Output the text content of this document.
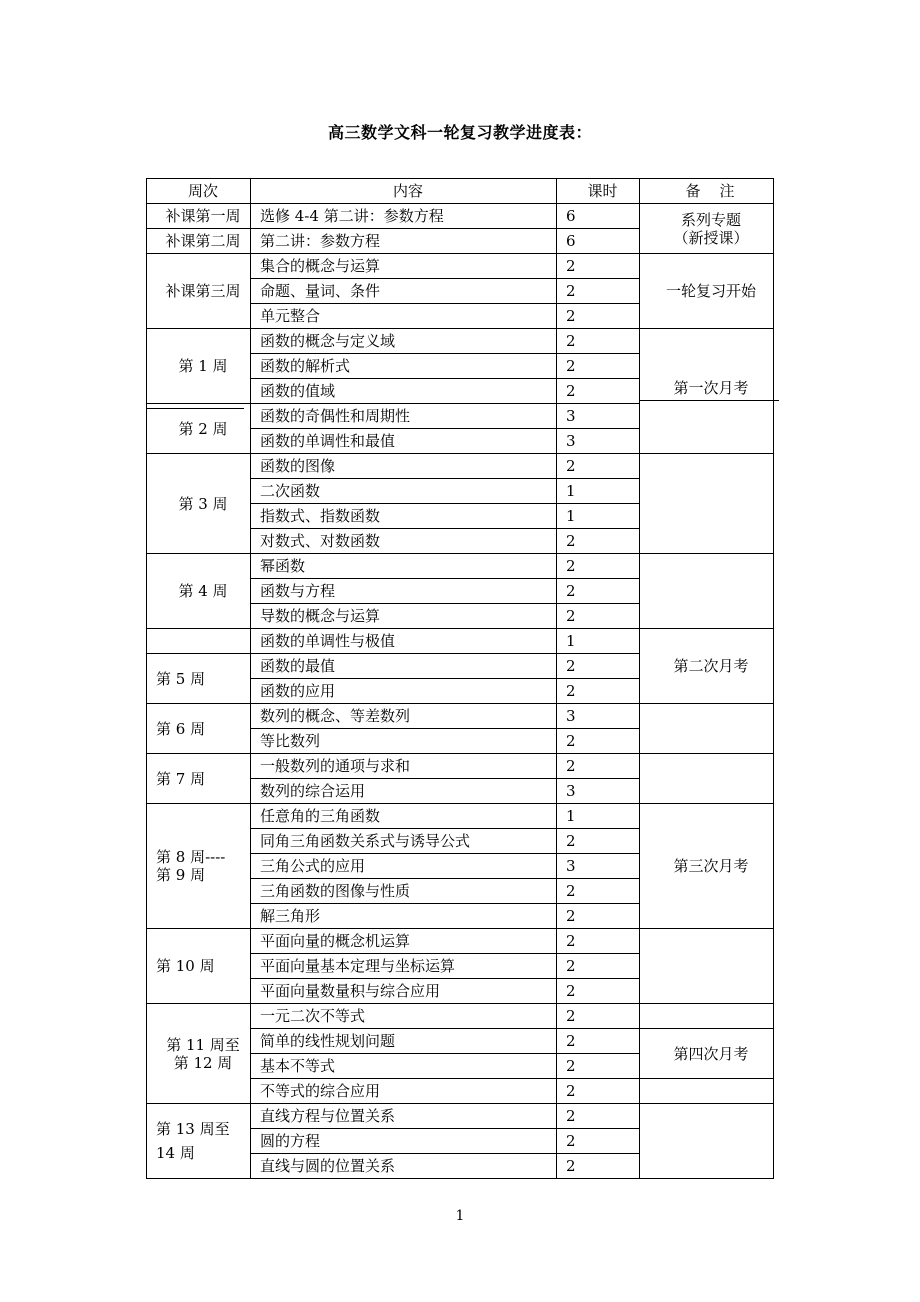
高三数学文科一轮复习教学进度表：
周次	内容	课时	备　注
补课第一周	选修 4-4 第二讲：参数方程	6	系列专题
（新授课）

补课第二周	第二讲：参数方程	6	
补课第三周	集合的概念与运算	2	一轮复习开始
	命题、量词、条件	2	
	单元整合	2	
第 1 周	函数的概念与定义域	2	第一次月考
	函数的解析式	2	
	函数的值域	2	
第 2 周	函数的奇偶性和周期性	3	
	函数的单调性和最值	3	
第 3 周	函数的图像	2	
	二次函数	1	
	指数式、指数函数	1	
	对数式、对数函数	2	
第 4 周	幂函数	2	
	函数与方程	2	
	导数的概念与运算	2	
	函数的单调性与极值	1	第二次月考
第 5 周	函数的最值	2	
	函数的应用	2	
第 6 周	数列的概念、等差数列	3	
	等比数列	2	
第 7 周	一般数列的通项与求和	2	
	数列的综合运用	3	

第 8 周----
第 9 周	任意角的三角函数	1	第三次月考
	同角三角函数关系式与诱导公式	2	
	三角公式的应用	3	
	三角函数的图像与性质	2	
	解三角形	2	
第 10 周	平面向量的概念机运算	2	
	平面向量基本定理与坐标运算	2	
	平面向量数量积与综合应用	2	

第 11 周至
第 12 周	一元二次不等式	2	
	简单的线性规划问题	2	第四次月考
	基本不等式	2	
	不等式的综合应用	2	

第 13 周至
14 周	直线方程与位置关系	2	
	圆的方程	2	
	直线与圆的位置关系	2	
1
